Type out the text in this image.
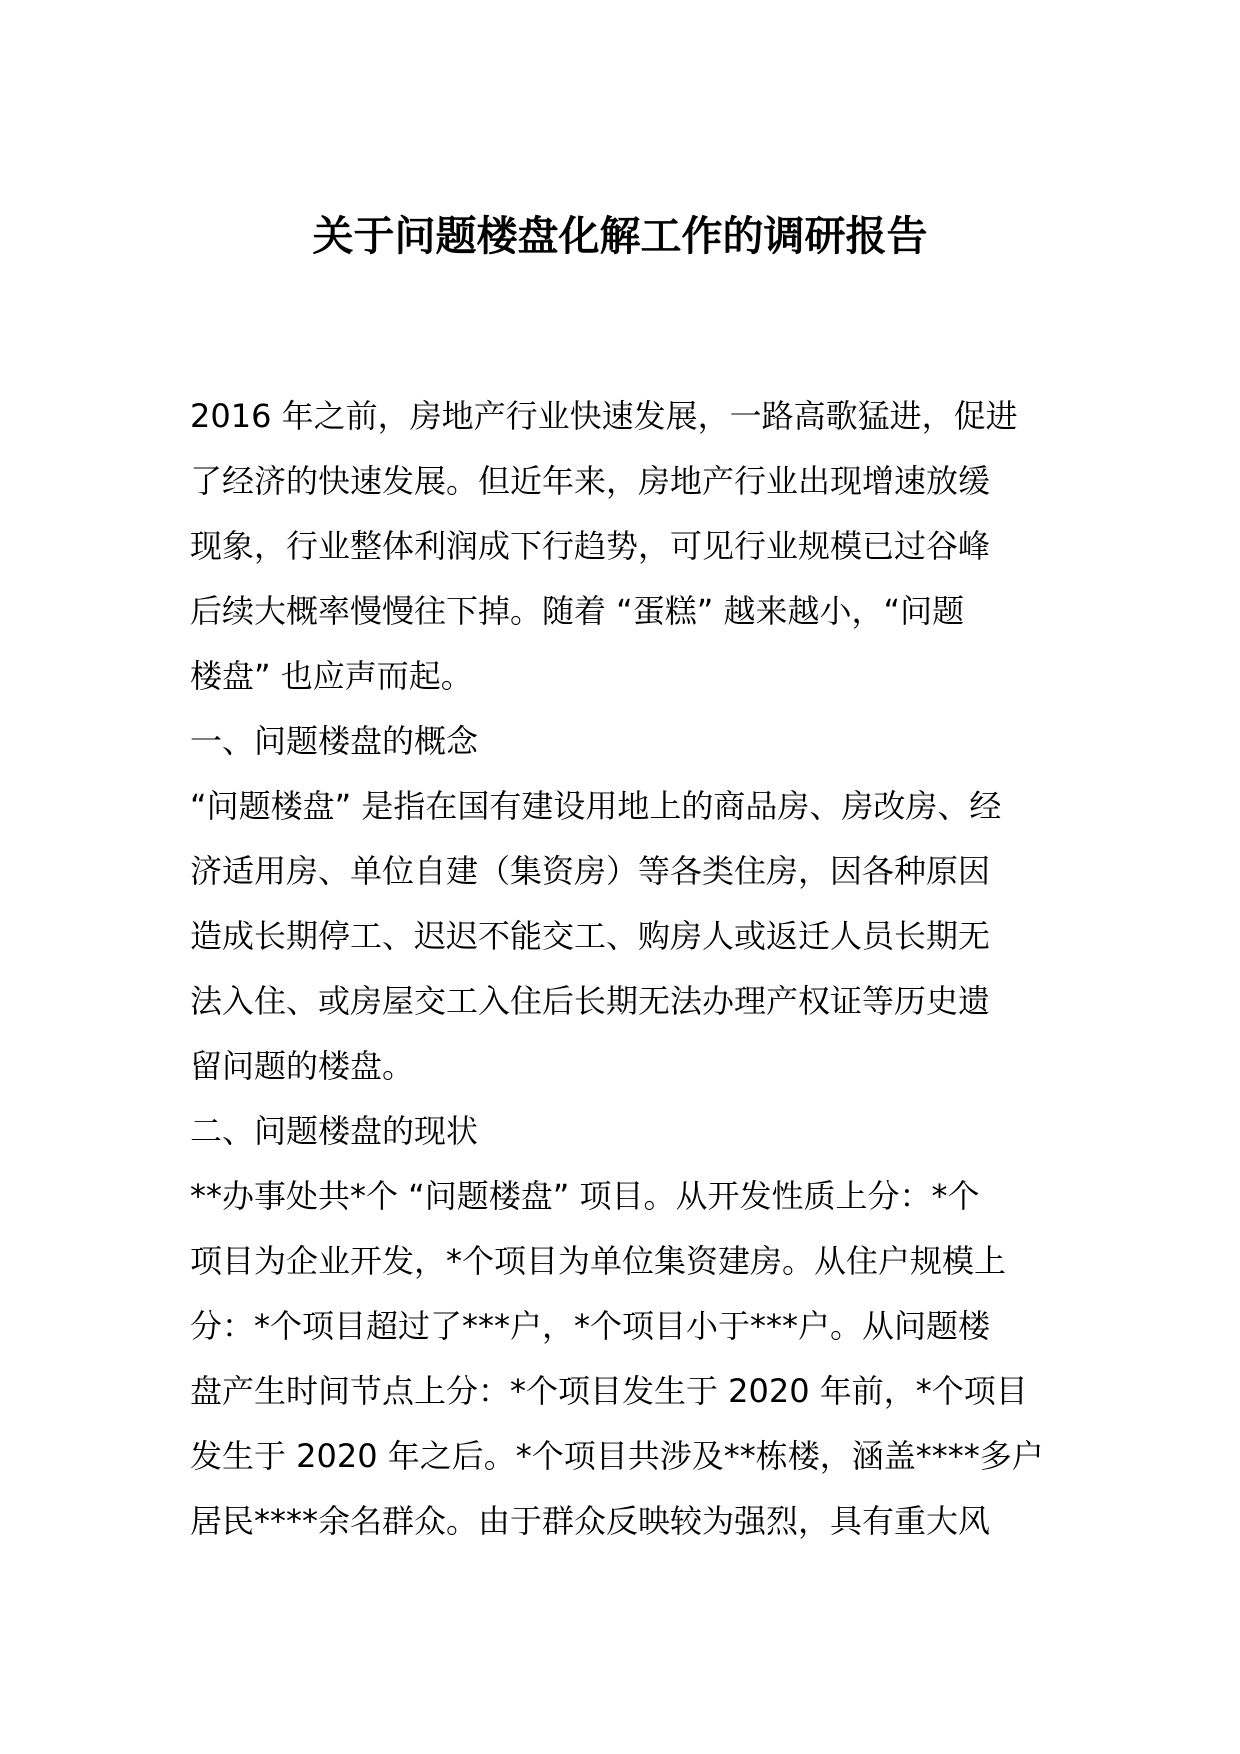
关于问题楼盘化解工作的调研报告

2016 年之前，房地产行业快速发展，一路高歌猛进，促进

了经济的快速发展。但近年来，房地产行业出现增速放缓

现象，行业整体利润成下行趋势，可见行业规模已过谷峰

后续大概率慢慢往下掉。随着 “蛋糕” 越来越小，“问题

楼盘” 也应声而起。

一、问题楼盘的概念

“问题楼盘” 是指在国有建设用地上的商品房、房改房、经

济适用房、单位自建（集资房）等各类住房，因各种原因

造成长期停工、迟迟不能交工、购房人或返迁人员长期无

法入住、或房屋交工入住后长期无法办理产权证等历史遗

留问题的楼盘。

二、问题楼盘的现状

**办事处共*个 “问题楼盘” 项目。从开发性质上分：*个

项目为企业开发，*个项目为单位集资建房。从住户规模上

分：*个项目超过了***户，*个项目小于***户。从问题楼

盘产生时间节点上分：*个项目发生于 2020 年前，*个项目

发生于 2020 年之后。*个项目共涉及**栋楼，涵盖****多户

居民****余名群众。由于群众反映较为强烈，具有重大风
